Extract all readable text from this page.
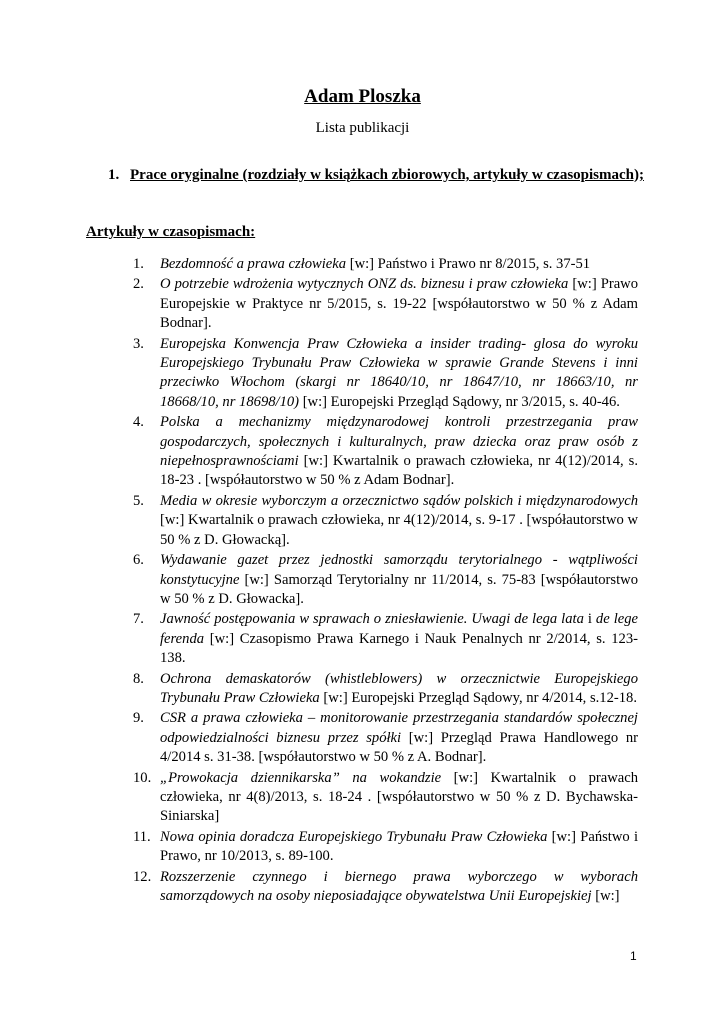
Adam Ploszka
Lista publikacji
1. Prace oryginalne (rozdziały w książkach zbiorowych, artykuły w czasopismach);
Artykuły w czasopismach:
1. Bezdomność a prawa człowieka [w:] Państwo i Prawo nr 8/2015, s. 37-51
2. O potrzebie wdrożenia wytycznych ONZ ds. biznesu i praw człowieka [w:] Prawo Europejskie w Praktyce nr 5/2015, s. 19-22 [współautorstwo w 50 % z Adam Bodnar].
3. Europejska Konwencja Praw Człowieka a insider trading- glosa do wyroku Europejskiego Trybunału Praw Człowieka w sprawie Grande Stevens i inni przeciwko Włochom (skargi nr 18640/10, nr 18647/10, nr 18663/10, nr 18668/10, nr 18698/10) [w:] Europejski Przegląd Sądowy, nr 3/2015, s. 40-46.
4. Polska a mechanizmy międzynarodowej kontroli przestrzegania praw gospodarczych, społecznych i kulturalnych, praw dziecka oraz praw osób z niepełnosprawnościami [w:] Kwartalnik o prawach człowieka, nr 4(12)/2014, s. 18-23 . [współautorstwo w 50 % z Adam Bodnar].
5. Media w okresie wyborczym a orzecznictwo sądów polskich i międzynarodowych [w:] Kwartalnik o prawach człowieka, nr 4(12)/2014, s. 9-17 . [współautorstwo w 50 % z D. Głowacką].
6. Wydawanie gazet przez jednostki samorządu terytorialnego - wątpliwości konstytucyjne [w:] Samorząd Terytorialny nr 11/2014, s. 75-83 [współautorstwo w 50 % z D. Głowacka].
7. Jawność postępowania w sprawach o zniesławienie. Uwagi de lega lata i de lege ferenda [w:] Czasopismo Prawa Karnego i Nauk Penalnych nr 2/2014, s. 123-138.
8. Ochrona demaskatorów (whistleblowers) w orzecznictwie Europejskiego Trybunału Praw Człowieka [w:] Europejski Przegląd Sądowy, nr 4/2014, s.12-18.
9. CSR a prawa człowieka – monitorowanie przestrzegania standardów społecznej odpowiedzialności biznesu przez spółki [w:] Przegląd Prawa Handlowego nr 4/2014 s. 31-38. [współautorstwo w 50 % z A. Bodnar].
10. „Prowokacja dziennikarska” na wokandzie [w:] Kwartalnik o prawach człowieka, nr 4(8)/2013, s. 18-24 . [współautorstwo w 50 % z D. Bychawska-Siniarska]
11. Nowa opinia doradcza Europejskiego Trybunału Praw Człowieka [w:] Państwo i Prawo, nr 10/2013, s. 89-100.
12. Rozszerzenie czynnego i biernego prawa wyborczego w wyborach samorządowych na osoby nieposiadające obywatelstwa Unii Europejskiej [w:]
1
